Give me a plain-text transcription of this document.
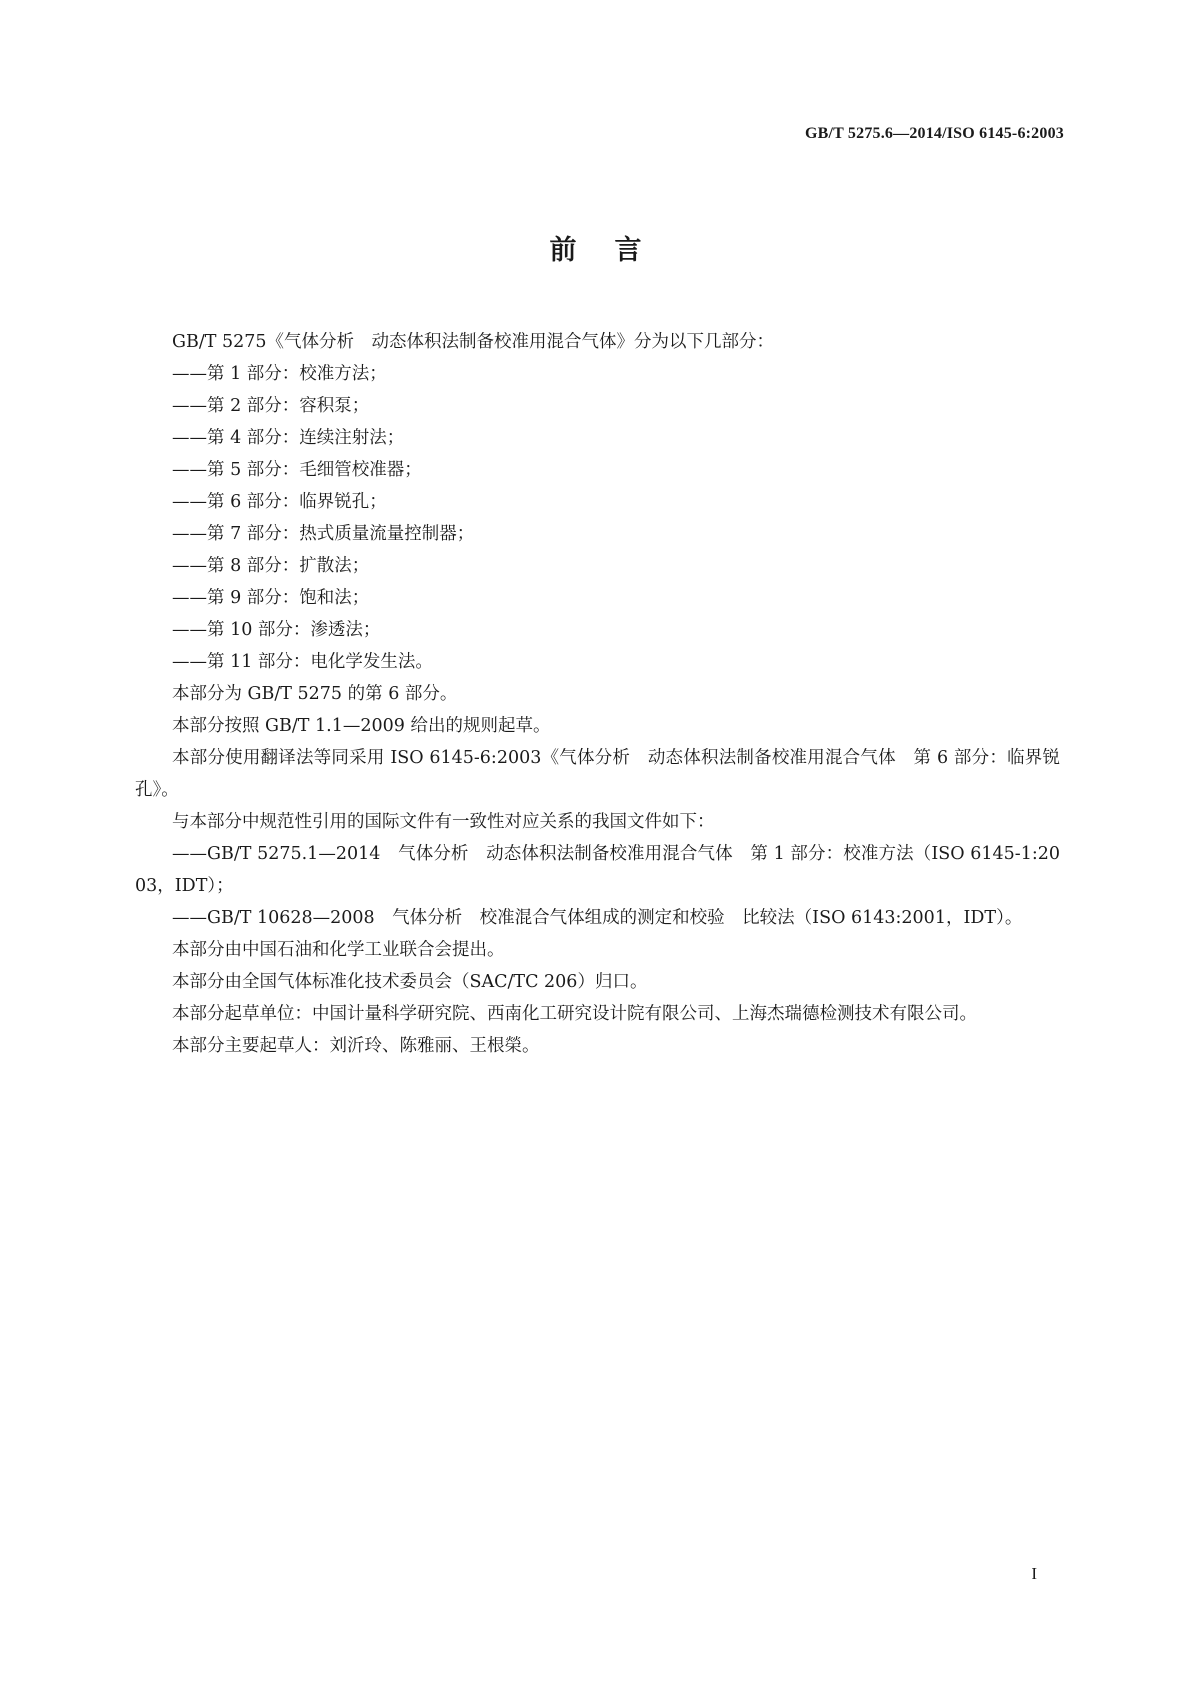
GB/T 5275.6—2014/ISO 6145-6:2003
前言

GB/T 5275《气体分析　动态体积法制备校准用混合气体》分为以下几部分：

——第 1 部分：校准方法；

——第 2 部分：容积泵；

——第 4 部分：连续注射法；

——第 5 部分：毛细管校准器；

——第 6 部分：临界锐孔；

——第 7 部分：热式质量流量控制器；

——第 8 部分：扩散法；

——第 9 部分：饱和法；

——第 10 部分：渗透法；

——第 11 部分：电化学发生法。

本部分为 GB/T 5275 的第 6 部分。

本部分按照 GB/T 1.1—2009 给出的规则起草。

本部分使用翻译法等同采用 ISO 6145-6:2003《气体分析　动态体积法制备校准用混合气体　第 6 部分：临界锐孔》。

与本部分中规范性引用的国际文件有一致性对应关系的我国文件如下：

——GB/T 5275.1—2014　气体分析　动态体积法制备校准用混合气体　第 1 部分：校准方法（ISO 6145-1:2003，IDT）；

——GB/T 10628—2008　气体分析　校准混合气体组成的测定和校验　比较法（ISO 6143:2001，IDT）。

本部分由中国石油和化学工业联合会提出。

本部分由全国气体标准化技术委员会（SAC/TC 206）归口。

本部分起草单位：中国计量科学研究院、西南化工研究设计院有限公司、上海杰瑞德检测技术有限公司。

本部分主要起草人：刘沂玲、陈雅丽、王根榮。

I
